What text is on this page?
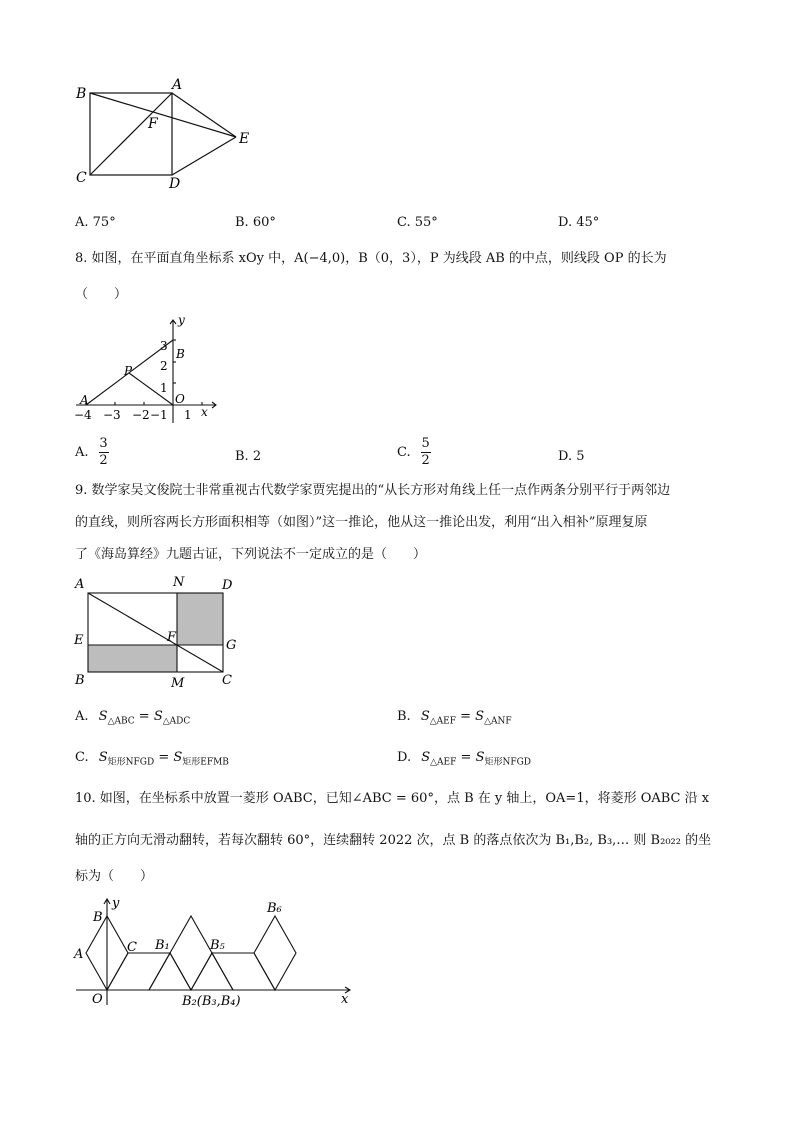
B
A
F
E
C	D
A. 75°	B. 60°	C. 55°	D. 45°
8. 如图，在平面直角坐标系 xOy 中，A(−4,0)，B（0，3），P 为线段 AB 的中点，则线段 OP 的长为
（　　）
y
x
3
2
1
B
P
A	O
−4 −3 −2 −1 1
A. $\frac{3}{2}$	B. 2	C. $\frac{5}{2}$	D. 5
9. 数学家吴文俊院士非常重视古代数学家贾宪提出的“从长方形对角线上任一点作两条分别平行于两邻边
的直线，则所容两长方形面积相等（如图）”这一推论，他从这一推论出发，利用“出入相补”原理复原
了《海岛算经》九题古证，下列说法不一定成立的是（　　）
A	N	D
E	F
G
B	M	C
A. $S_{\triangle ABC} = S_{\triangle ADC}$	B. $S_{\triangle AEF} = S_{\triangle ANF}$
C. $S_{矩形NFGD} = S_{矩形EFMB}$	D. $S_{\triangle AEF} = S_{矩形NFGD}$
10. 如图，在坐标系中放置一菱形 OABC，已知∠ABC = 60°，点 B 在 y 轴上，OA=1，将菱形 OABC 沿 x
轴的正方向无滑动翻转，若每次翻转 60°，连续翻转 2022 次，点 B 的落点依次为 B₁,B₂, B₃,… 则 B₂₀₂₂ 的坐
标为（　　）
y
x
B
A	C
O
B₁	B₅
B₆
B₂(B₃,B₄)
